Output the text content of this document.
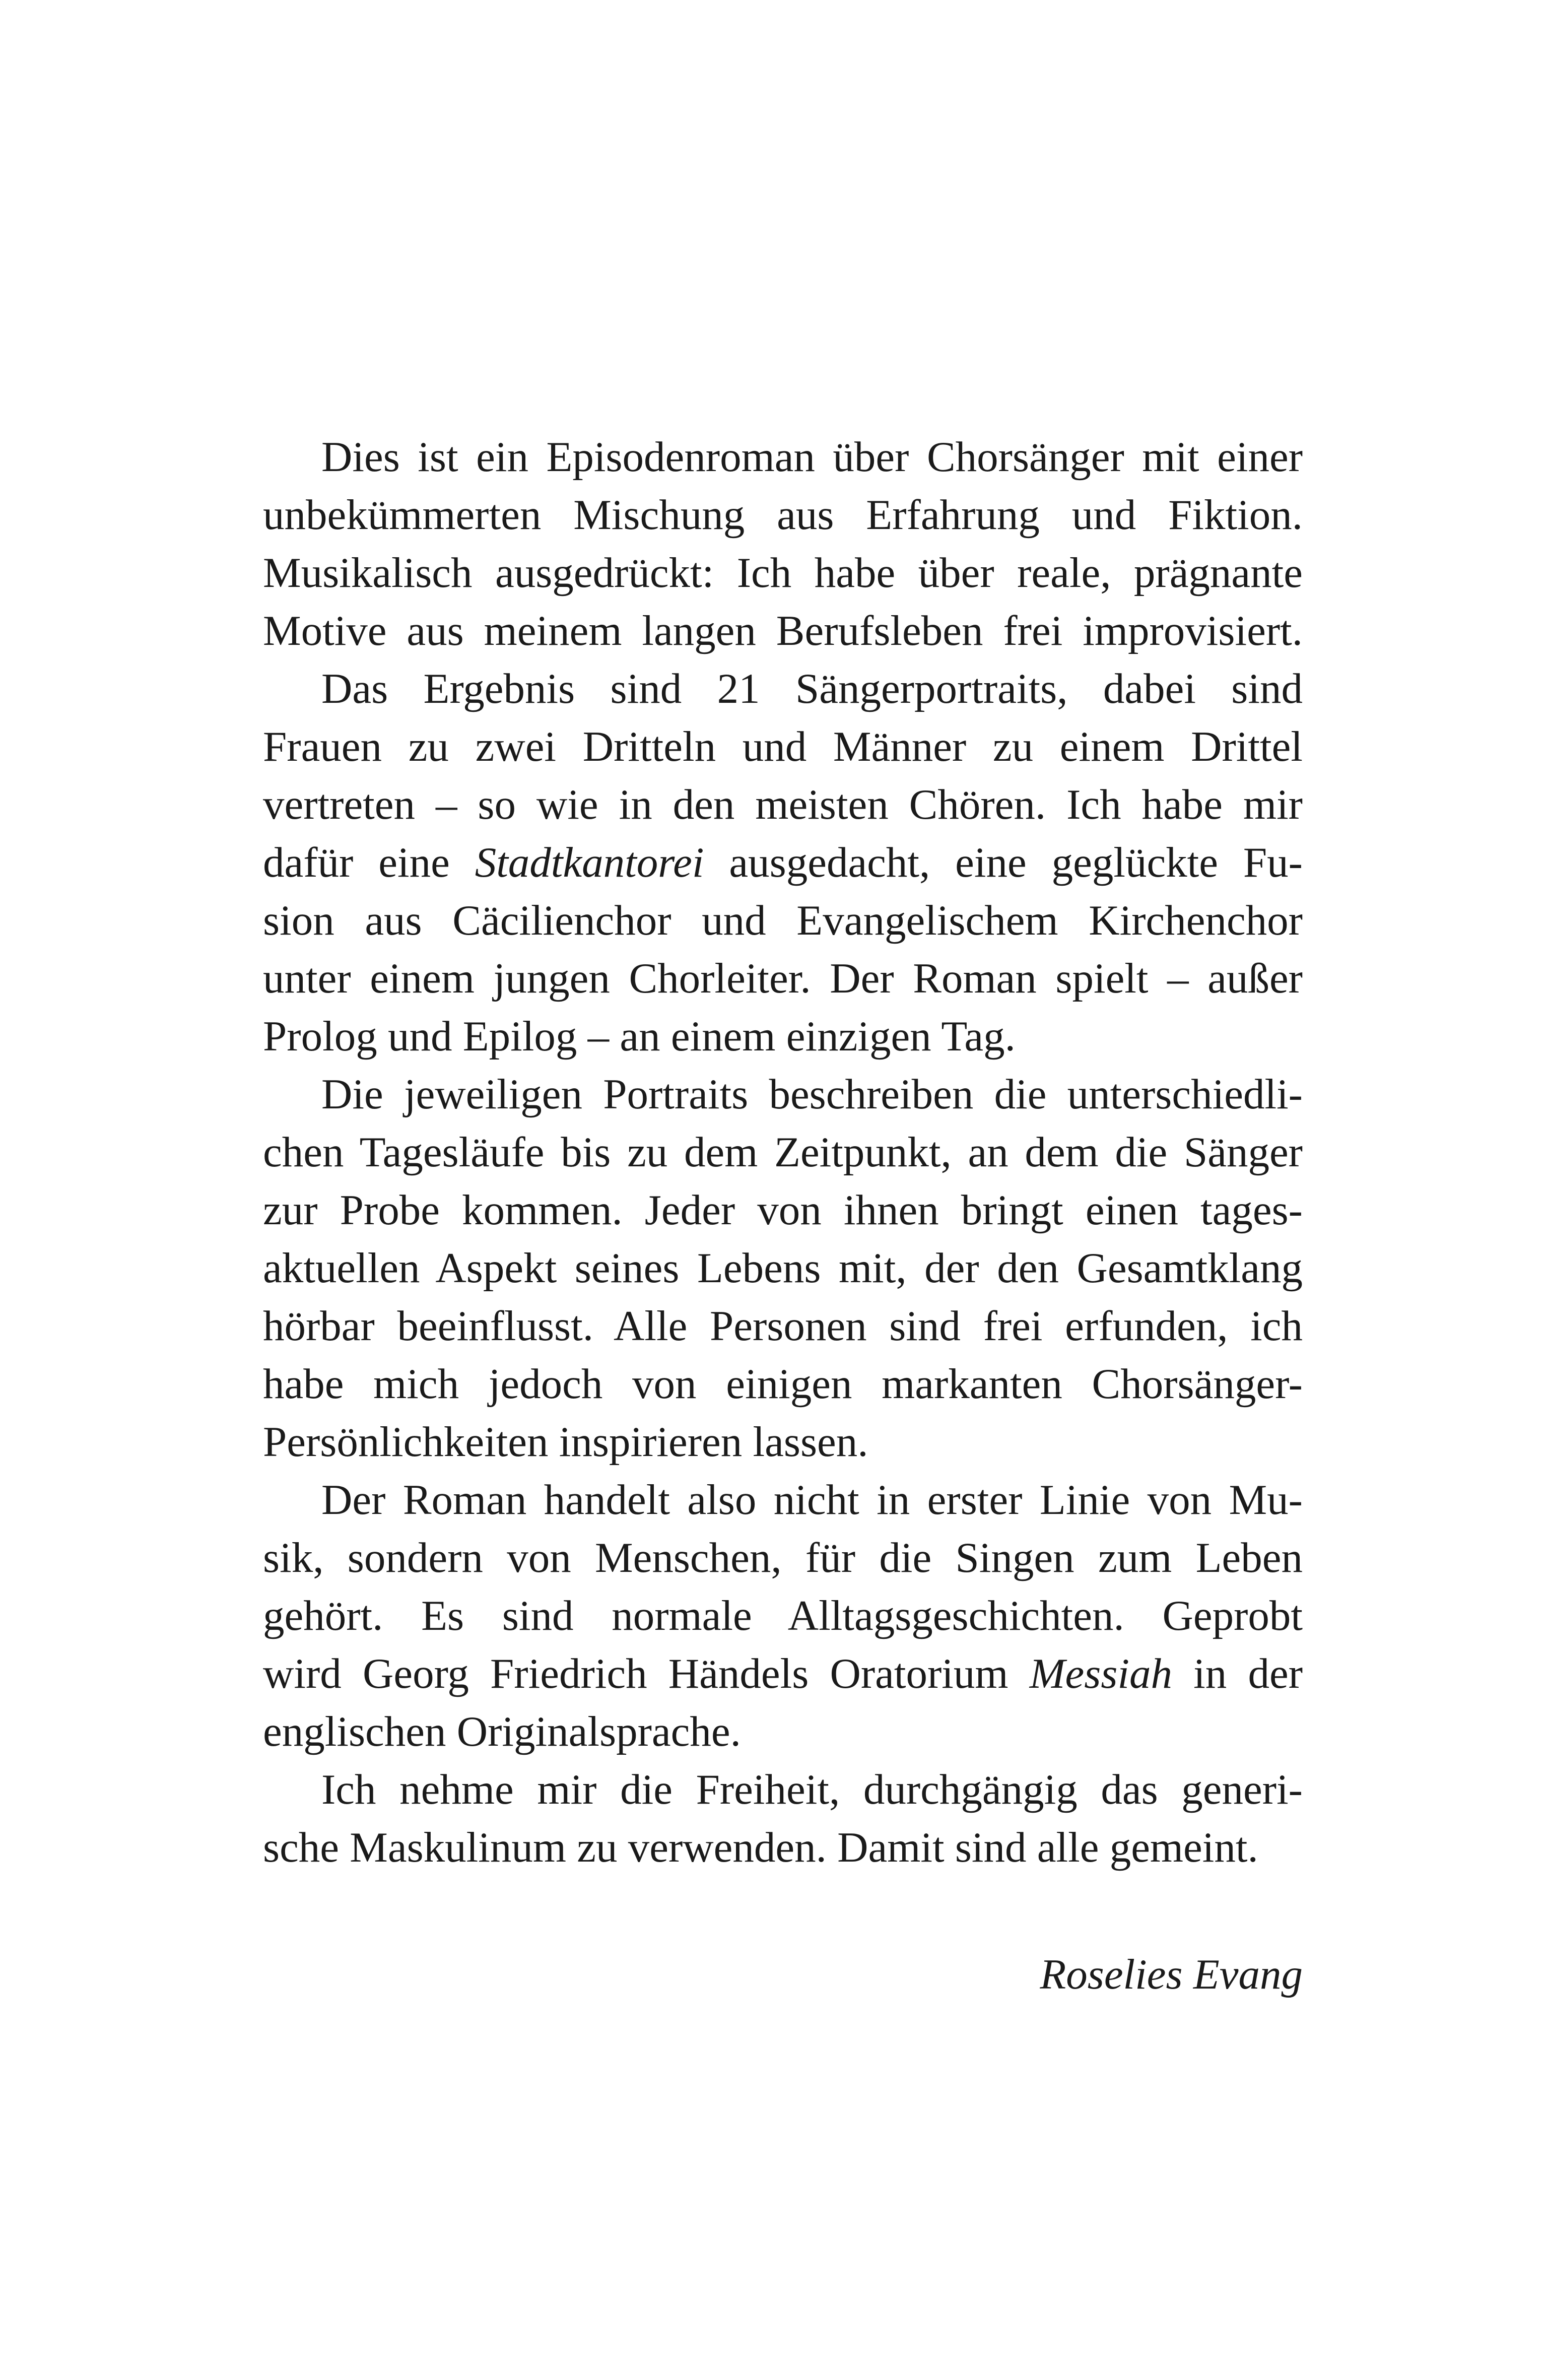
Dies ist ein Episodenroman über Chorsänger mit einer
unbekümmerten Mischung aus Erfahrung und Fiktion.
Musikalisch ausgedrückt: Ich habe über reale, prägnante
Motive aus meinem langen Berufsleben frei improvisiert.
Das Ergebnis sind 21 Sängerportraits, dabei sind
Frauen zu zwei Dritteln und Männer zu einem Drittel
vertreten – so wie in den meisten Chören. Ich habe mir
dafür eine Stadtkantorei ausgedacht, eine geglückte Fu-
sion aus Cäcilienchor und Evangelischem Kirchenchor
unter einem jungen Chorleiter. Der Roman spielt – außer
Prolog und Epilog – an einem einzigen Tag.
Die jeweiligen Portraits beschreiben die unterschiedli-
chen Tagesläufe bis zu dem Zeitpunkt, an dem die Sänger
zur Probe kommen. Jeder von ihnen bringt einen tages-
aktuellen Aspekt seines Lebens mit, der den Gesamtklang
hörbar beeinflusst. Alle Personen sind frei erfunden, ich
habe mich jedoch von einigen markanten Chorsänger-
Persönlichkeiten inspirieren lassen.
Der Roman handelt also nicht in erster Linie von Mu-
sik, sondern von Menschen, für die Singen zum Leben
gehört. Es sind normale Alltagsgeschichten. Geprobt
wird Georg Friedrich Händels Oratorium Messiah in der
englischen Originalsprache.
Ich nehme mir die Freiheit, durchgängig das generi-
sche Maskulinum zu verwenden. Damit sind alle gemeint.
Roselies Evang
